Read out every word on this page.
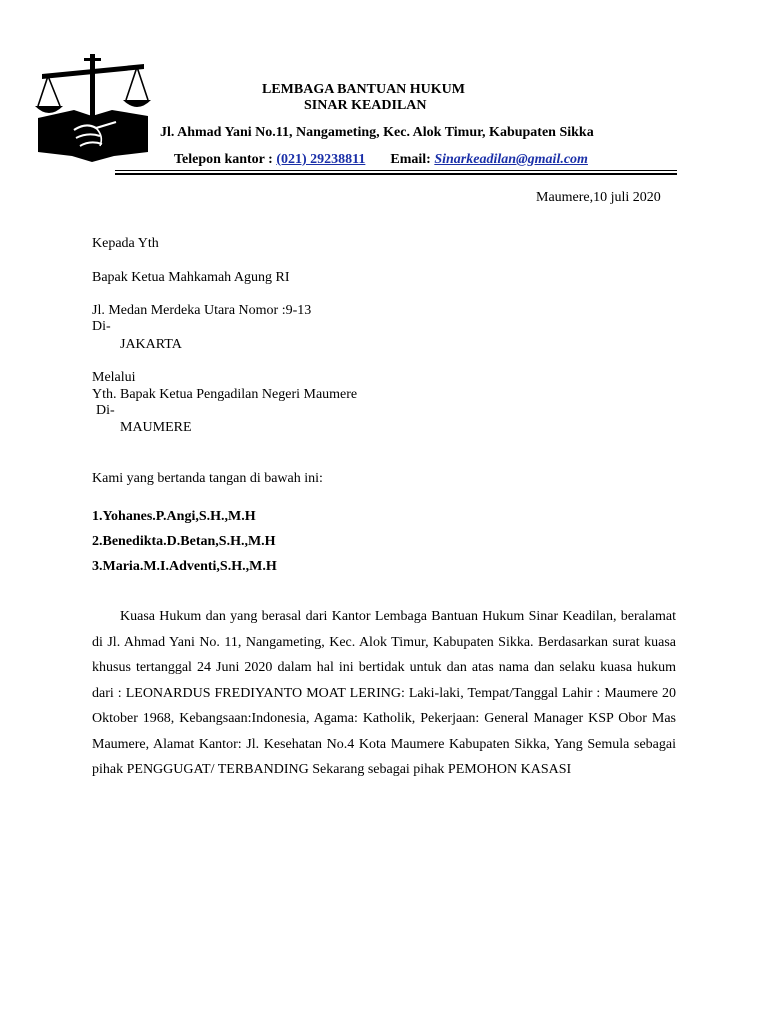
LEMBAGA BANTUAN HUKUM
SINAR KEADILAN
Jl. Ahmad Yani No.11, Nangameting, Kec. Alok Timur, Kabupaten Sikka
Telepon kantor : (021) 29238811 Email: Sinarkeadilan@gmail.com
Maumere,10 juli 2020
Kepada Yth
Bapak Ketua Mahkamah Agung RI
Jl. Medan Merdeka Utara Nomor :9-13
Di-
JAKARTA
Melalui
Yth. Bapak Ketua Pengadilan Negeri Maumere
Di-
MAUMERE
Kami yang bertanda tangan di bawah ini:
1.Yohanes.P.Angi,S.H.,M.H
2.Benedikta.D.Betan,S.H.,M.H
3.Maria.M.I.Adventi,S.H.,M.H

Kuasa Hukum dan yang berasal dari Kantor Lembaga Bantuan Hukum Sinar Keadilan, beralamat di Jl. Ahmad Yani No. 11, Nangameting, Kec. Alok Timur, Kabupaten Sikka. Berdasarkan surat kuasa khusus tertanggal 24 Juni 2020 dalam hal ini bertidak untuk dan atas nama dan selaku kuasa hukum dari : LEONARDUS FREDIYANTO MOAT LERING: Laki-laki, Tempat/Tanggal Lahir : Maumere 20 Oktober 1968, Kebangsaan:Indonesia, Agama: Katholik, Pekerjaan: General Manager KSP Obor Mas Maumere, Alamat Kantor: Jl. Kesehatan No.4 Kota Maumere Kabupaten Sikka, Yang Semula sebagai pihak PENGGUGAT/ TERBANDING Sekarang sebagai pihak PEMOHON KASASI
